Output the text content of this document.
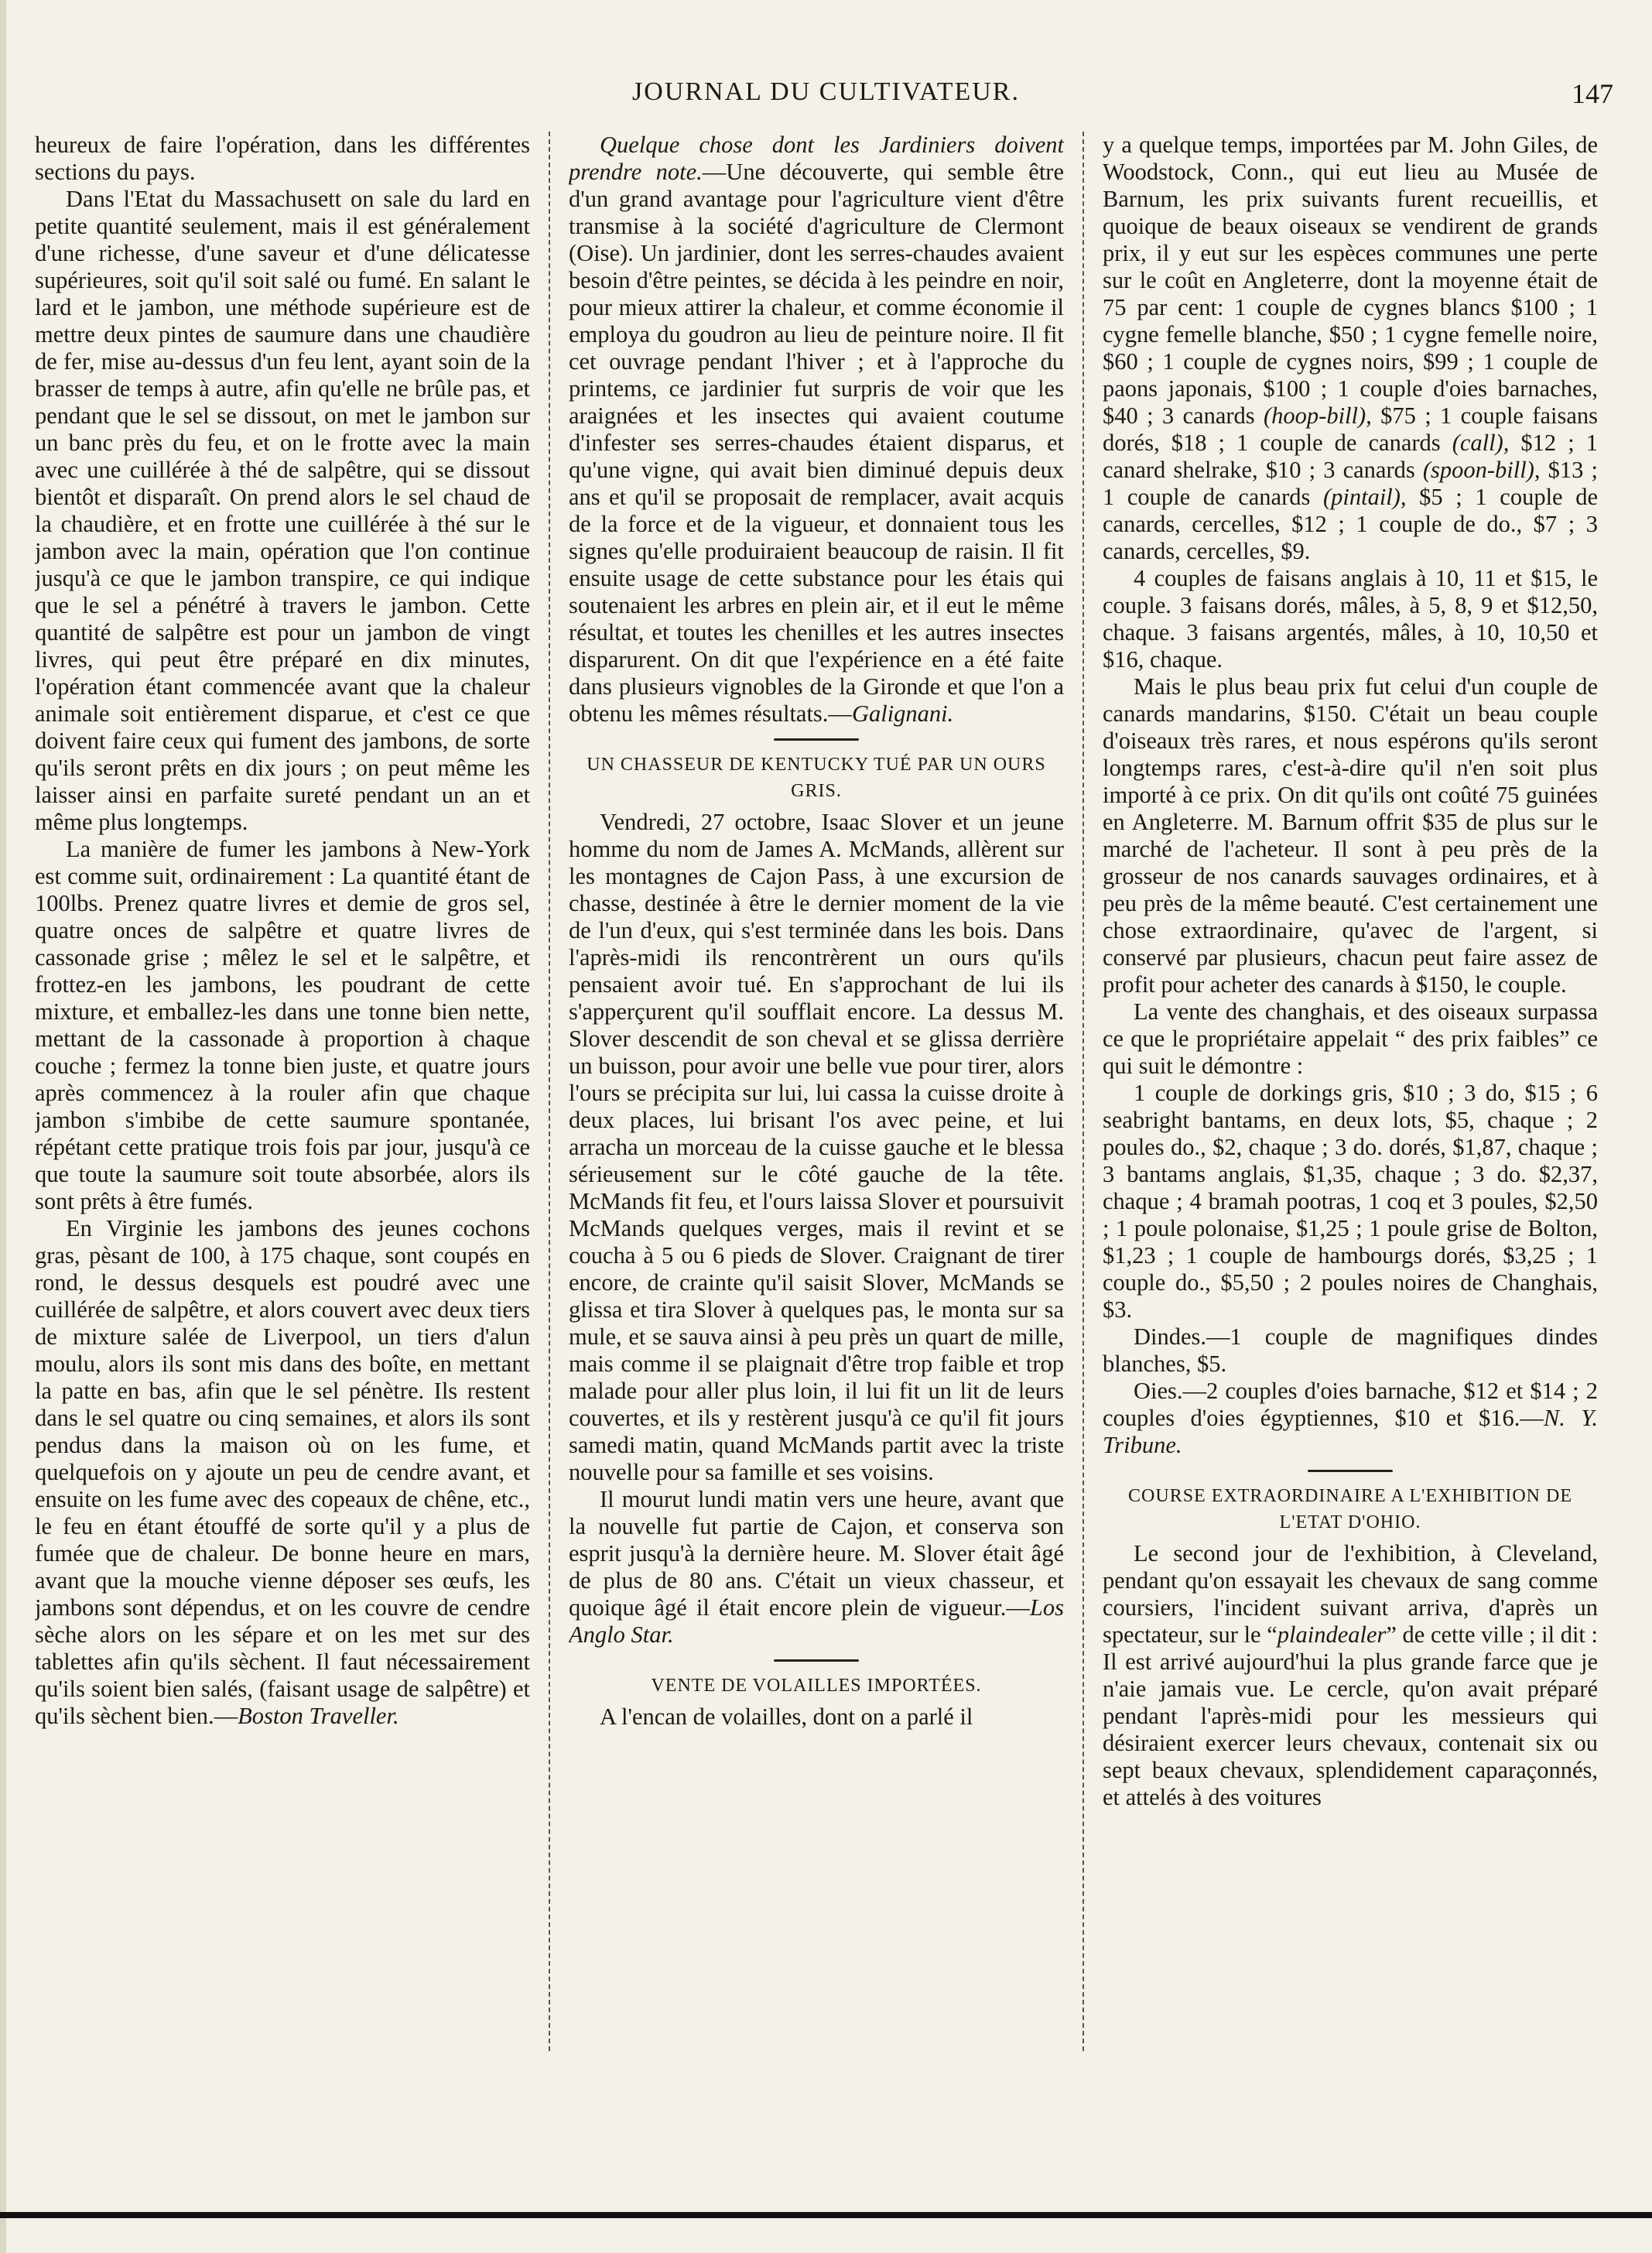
JOURNAL DU CULTIVATEUR.	147

heureux de faire l'opération, dans les différentes sections du pays.

Dans l'Etat du Massachusett on sale du lard en petite quantité seulement, mais il est généralement d'une richesse, d'une saveur et d'une délicatesse supérieures, soit qu'il soit salé ou fumé. En salant le lard et le jambon, une méthode supérieure est de mettre deux pintes de saumure dans une chaudière de fer, mise au-dessus d'un feu lent, ayant soin de la brasser de temps à autre, afin qu'elle ne brûle pas, et pendant que le sel se dissout, on met le jambon sur un banc près du feu, et on le frotte avec la main avec une cuillérée à thé de salpêtre, qui se dissout bientôt et disparaît. On prend alors le sel chaud de la chaudière, et en frotte une cuillérée à thé sur le jambon avec la main, opération que l'on continue jusqu'à ce que le jambon transpire, ce qui indique que le sel a pénétré à travers le jambon. Cette quantité de salpêtre est pour un jambon de vingt livres, qui peut être préparé en dix minutes, l'opération étant commencée avant que la chaleur animale soit entièrement disparue, et c'est ce que doivent faire ceux qui fument des jambons, de sorte qu'ils seront prêts en dix jours ; on peut même les laisser ainsi en parfaite sureté pendant un an et même plus longtemps.

La manière de fumer les jambons à New-York est comme suit, ordinairement : La quantité étant de 100lbs. Prenez quatre livres et demie de gros sel, quatre onces de salpêtre et quatre livres de cassonade grise ; mêlez le sel et le salpêtre, et frottez-en les jambons, les poudrant de cette mixture, et emballez-les dans une tonne bien nette, mettant de la cassonade à proportion à chaque couche ; fermez la tonne bien juste, et quatre jours après commencez à la rouler afin que chaque jambon s'imbibe de cette saumure spontanée, répétant cette pratique trois fois par jour, jusqu'à ce que toute la saumure soit toute absorbée, alors ils sont prêts à être fumés.

En Virginie les jambons des jeunes cochons gras, pèsant de 100, à 175 chaque, sont coupés en rond, le dessus desquels est poudré avec une cuillérée de salpêtre, et alors couvert avec deux tiers de mixture salée de Liverpool, un tiers d'alun moulu, alors ils sont mis dans des boîte, en mettant la patte en bas, afin que le sel pénètre. Ils restent dans le sel quatre ou cinq semaines, et alors ils sont pendus dans la maison où on les fume, et quelquefois on y ajoute un peu de cendre avant, et ensuite on les fume avec des copeaux de chêne, etc., le feu en étant étouffé de sorte qu'il y a plus de fumée que de chaleur. De bonne heure en mars, avant que la mouche vienne déposer ses œufs, les jambons sont dépendus, et on les couvre de cendre sèche alors on les sépare et on les met sur des tablettes afin qu'ils sèchent. Il faut nécessairement qu'ils soient bien salés, (faisant usage de salpêtre) et qu'ils sèchent bien.—Boston Traveller.

Quelque chose dont les Jardiniers doivent prendre note.—Une découverte, qui semble être d'un grand avantage pour l'agriculture vient d'être transmise à la société d'agriculture de Clermont (Oise). Un jardinier, dont les serres-chaudes avaient besoin d'être peintes, se décida à les peindre en noir, pour mieux attirer la chaleur, et comme économie il employa du goudron au lieu de peinture noire. Il fit cet ouvrage pendant l'hiver ; et à l'approche du printems, ce jardinier fut surpris de voir que les araignées et les insectes qui avaient coutume d'infester ses serres-chaudes étaient disparus, et qu'une vigne, qui avait bien diminué depuis deux ans et qu'il se proposait de remplacer, avait acquis de la force et de la vigueur, et donnaient tous les signes qu'elle produiraient beaucoup de raisin. Il fit ensuite usage de cette substance pour les étais qui soutenaient les arbres en plein air, et il eut le même résultat, et toutes les chenilles et les autres insectes disparurent. On dit que l'expérience en a été faite dans plusieurs vignobles de la Gironde et que l'on a obtenu les mêmes résultats.—Galignani.

UN CHASSEUR DE KENTUCKY TUÉ PAR UN OURS GRIS.

Vendredi, 27 octobre, Isaac Slover et un jeune homme du nom de James A. McMands, allèrent sur les montagnes de Cajon Pass, à une excursion de chasse, destinée à être le dernier moment de la vie de l'un d'eux, qui s'est terminée dans les bois. Dans l'après-midi ils rencontrèrent un ours qu'ils pensaient avoir tué. En s'approchant de lui ils s'apperçurent qu'il soufflait encore. La dessus M. Slover descendit de son cheval et se glissa derrière un buisson, pour avoir une belle vue pour tirer, alors l'ours se précipita sur lui, lui cassa la cuisse droite à deux places, lui brisant l'os avec peine, et lui arracha un morceau de la cuisse gauche et le blessa sérieusement sur le côté gauche de la tête. McMands fit feu, et l'ours laissa Slover et poursuivit McMands quelques verges, mais il revint et se coucha à 5 ou 6 pieds de Slover. Craignant de tirer encore, de crainte qu'il saisit Slover, McMands se glissa et tira Slover à quelques pas, le monta sur sa mule, et se sauva ainsi à peu près un quart de mille, mais comme il se plaignait d'être trop faible et trop malade pour aller plus loin, il lui fit un lit de leurs couvertes, et ils y restèrent jusqu'à ce qu'il fit jours samedi matin, quand McMands partit avec la triste nouvelle pour sa famille et ses voisins.

Il mourut lundi matin vers une heure, avant que la nouvelle fut partie de Cajon, et conserva son esprit jusqu'à la dernière heure. M. Slover était âgé de plus de 80 ans. C'était un vieux chasseur, et quoique âgé il était encore plein de vigueur.—Los Anglo Star.

VENTE DE VOLAILLES IMPORTÉES.

A l'encan de volailles, dont on a parlé il

y a quelque temps, importées par M. John Giles, de Woodstock, Conn., qui eut lieu au Musée de Barnum, les prix suivants furent recueillis, et quoique de beaux oiseaux se vendirent de grands prix, il y eut sur les espèces communes une perte sur le coût en Angleterre, dont la moyenne était de 75 par cent: 1 couple de cygnes blancs $100 ; 1 cygne femelle blanche, $50 ; 1 cygne femelle noire, $60 ; 1 couple de cygnes noirs, $99 ; 1 couple de paons japonais, $100 ; 1 couple d'oies barnaches, $40 ; 3 canards (hoop-bill), $75 ; 1 couple faisans dorés, $18 ; 1 couple de canards (call), $12 ; 1 canard shelrake, $10 ; 3 canards (spoon-bill), $13 ; 1 couple de canards (pintail), $5 ; 1 couple de canards, cercelles, $12 ; 1 couple de do., $7 ; 3 canards, cercelles, $9.

4 couples de faisans anglais à 10, 11 et $15, le couple. 3 faisans dorés, mâles, à 5, 8, 9 et $12,50, chaque. 3 faisans argentés, mâles, à 10, 10,50 et $16, chaque.

Mais le plus beau prix fut celui d'un couple de canards mandarins, $150. C'était un beau couple d'oiseaux très rares, et nous espérons qu'ils seront longtemps rares, c'est-à-dire qu'il n'en soit plus importé à ce prix. On dit qu'ils ont coûté 75 guinées en Angleterre. M. Barnum offrit $35 de plus sur le marché de l'acheteur. Il sont à peu près de la grosseur de nos canards sauvages ordinaires, et à peu près de la même beauté. C'est certainement une chose extraordinaire, qu'avec de l'argent, si conservé par plusieurs, chacun peut faire assez de profit pour acheter des canards à $150, le couple.

La vente des changhais, et des oiseaux surpassa ce que le propriétaire appelait “ des prix faibles” ce qui suit le démontre :

1 couple de dorkings gris, $10 ; 3 do, $15 ; 6 seabright bantams, en deux lots, $5, chaque ; 2 poules do., $2, chaque ; 3 do. dorés, $1,87, chaque ; 3 bantams anglais, $1,35, chaque ; 3 do. $2,37, chaque ; 4 bramah pootras, 1 coq et 3 poules, $2,50 ; 1 poule polonaise, $1,25 ; 1 poule grise de Bolton, $1,23 ; 1 couple de hambourgs dorés, $3,25 ; 1 couple do., $5,50 ; 2 poules noires de Changhais, $3.

Dindes.—1 couple de magnifiques dindes blanches, $5.

Oies.—2 couples d'oies barnache, $12 et $14 ; 2 couples d'oies égyptiennes, $10 et $16.—N. Y. Tribune.

COURSE EXTRAORDINAIRE A L'EXHIBITION DE L'ETAT D'OHIO.

Le second jour de l'exhibition, à Cleveland, pendant qu'on essayait les chevaux de sang comme coursiers, l'incident suivant arriva, d'après un spectateur, sur le “plaindealer” de cette ville ; il dit : Il est arrivé aujourd'hui la plus grande farce que je n'aie jamais vue. Le cercle, qu'on avait préparé pendant l'après-midi pour les messieurs qui désiraient exercer leurs chevaux, contenait six ou sept beaux chevaux, splendidement caparaçonnés, et attelés à des voitures
